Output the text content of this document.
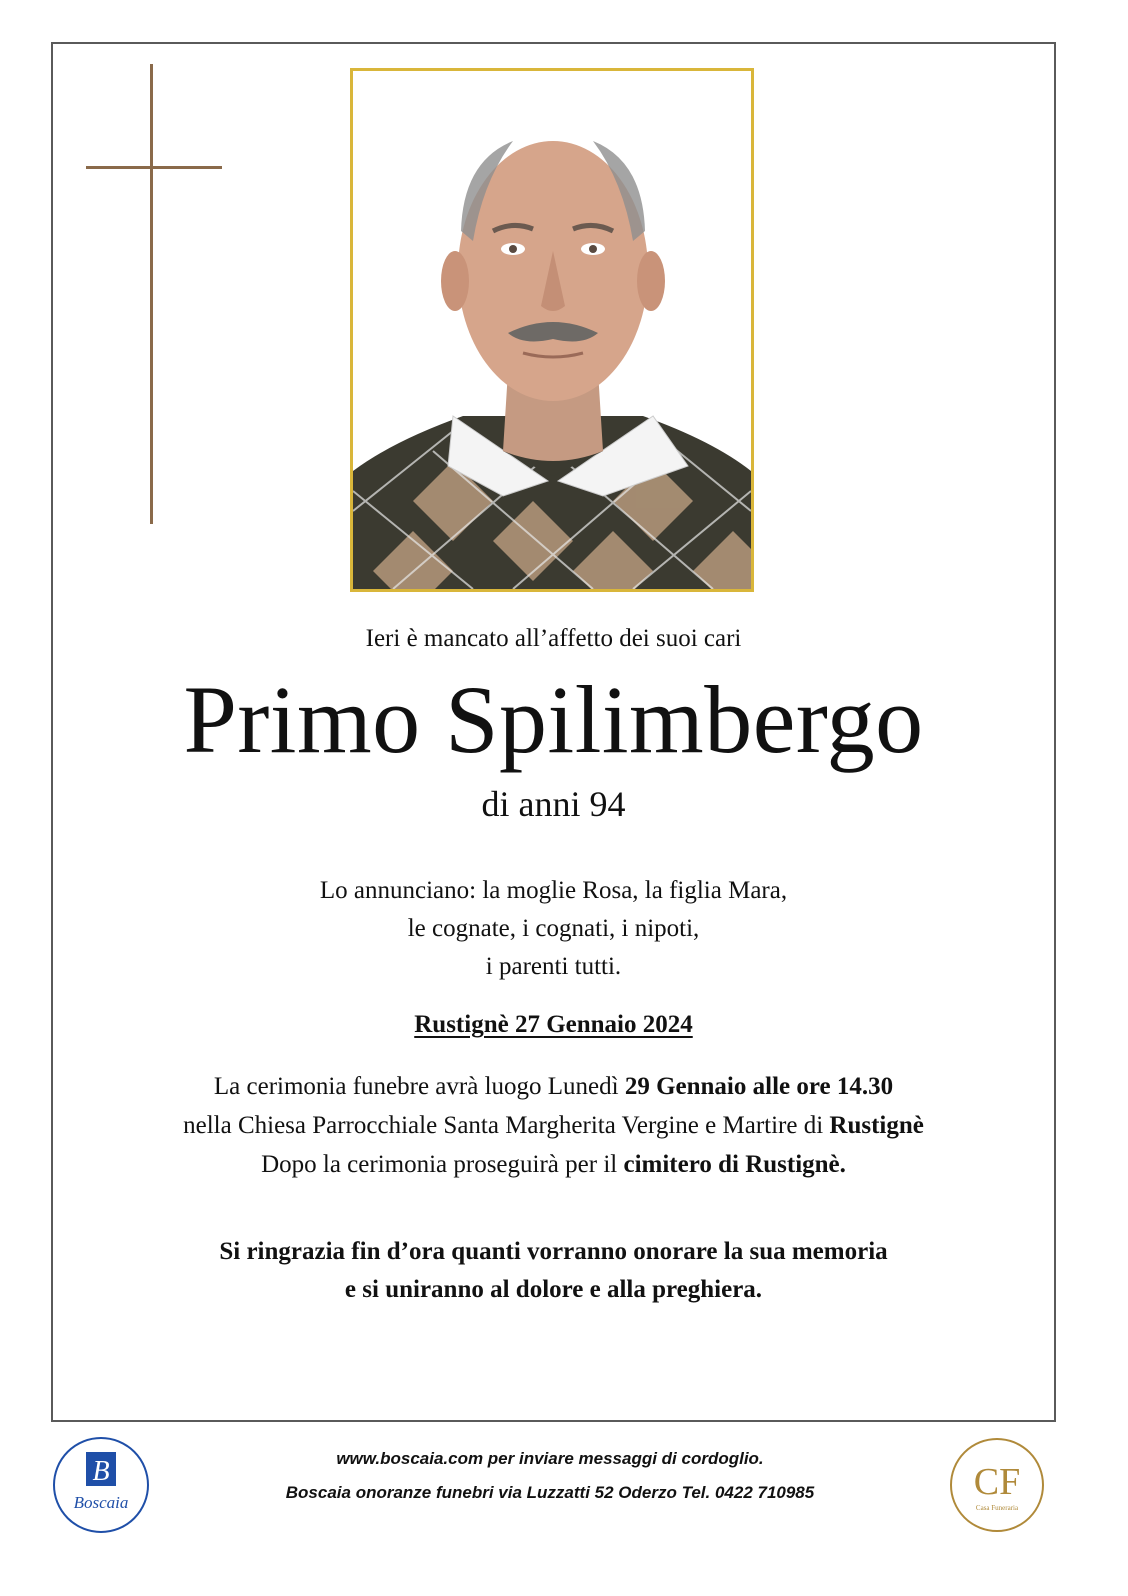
Ieri è mancato all’affetto dei suoi cari
Primo Spilimbergo
di anni 94
Lo annunciano: la moglie Rosa, la figlia Mara,
le cognate, i cognati, i nipoti,
i parenti tutti.
Rustignè 27 Gennaio 2024
La cerimonia funebre avrà luogo Lunedì 29 Gennaio alle ore 14.30
nella Chiesa Parrocchiale Santa Margherita Vergine e Martire di Rustignè
Dopo la cerimonia proseguirà per il cimitero di Rustignè.
Si ringrazia fin d’ora quanti vorranno onorare la sua memoria
e si uniranno al dolore e alla preghiera.
B
Boscaia
www.boscaia.com per inviare messaggi di cordoglio.
Boscaia onoranze funebri via Luzzatti 52 Oderzo Tel. 0422 710985	CF
Casa Funeraria
